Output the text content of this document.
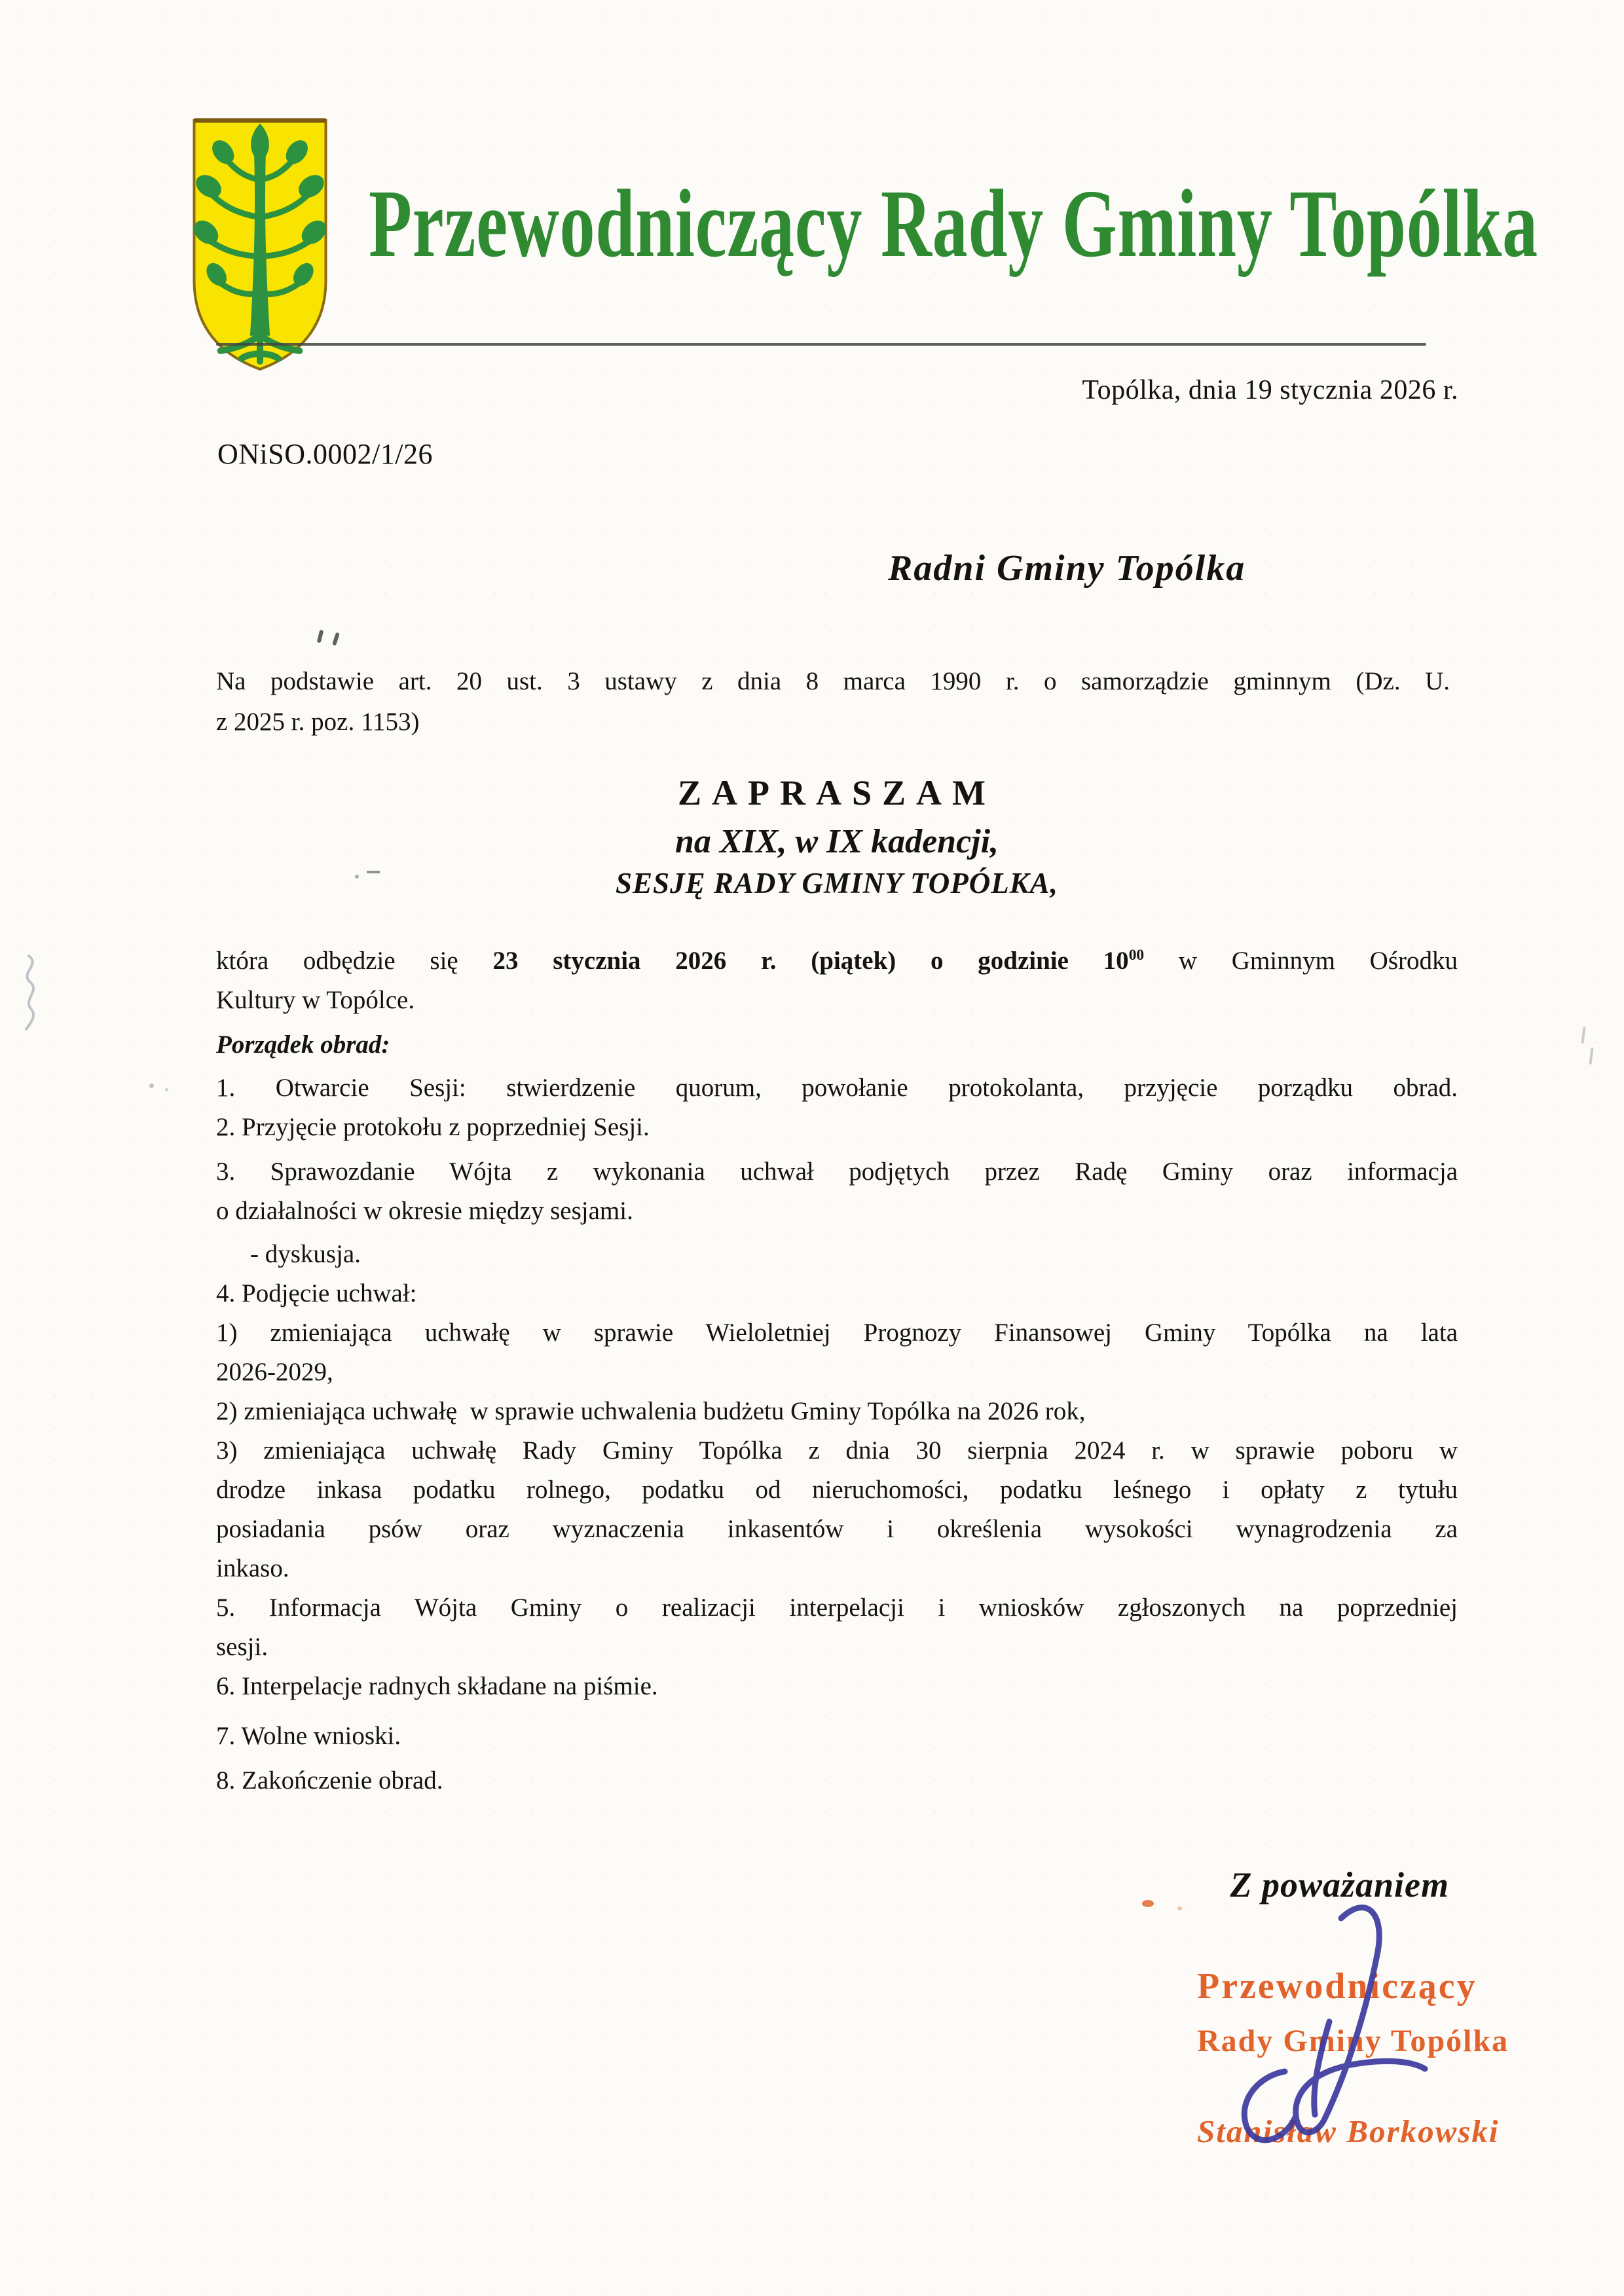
Przewodniczący Rady Gminy Topólka
Topólka, dnia 19 stycznia 2026 r.
ONiSO.0002/1/26
Radni Gminy Topólka
Na podstawie art. 20 ust. 3 ustawy z dnia 8 marca 1990 r. o samorządzie gminnym (Dz. U.
z 2025 r. poz. 1153)
ZAPRASZAM
na XIX, w IX kadencji,
SESJĘ RADY GMINY TOPÓLKA,
która odbędzie się 23 stycznia 2026 r. (piątek) o godzinie $10^{00}$ w Gminnym Ośrodku
Kultury w Topólce.

Porządek obrad:

1. Otwarcie Sesji: stwierdzenie quorum, powołanie protokolanta, przyjęcie porządku obrad.
2. Przyjęcie protokołu z poprzedniej Sesji.
3. Sprawozdanie Wójta z wykonania uchwał podjętych przez Radę Gminy oraz informacja
o działalności w okresie między sesjami.
- dyskusja.
4. Podjęcie uchwał:
1) zmieniająca uchwałę w sprawie Wieloletniej Prognozy Finansowej Gminy Topólka na lata
2026-2029,
2) zmieniająca uchwałę  w sprawie uchwalenia budżetu Gminy Topólka na 2026 rok,
3) zmieniająca uchwałę Rady Gminy Topólka z dnia 30 sierpnia 2024 r. w sprawie poboru w
drodze inkasa podatku rolnego, podatku od nieruchomości, podatku leśnego i opłaty z tytułu
posiadania psów oraz wyznaczenia inkasentów i określenia wysokości wynagrodzenia za
inkaso.
5. Informacja Wójta Gminy o realizacji interpelacji i wniosków zgłoszonych na poprzedniej
sesji.
6. Interpelacje radnych składane na piśmie.
7. Wolne wnioski.
8. Zakończenie obrad.
Z poważaniem
Przewodniczący
Rady Gminy Topólka
Stanisław Borkowski
